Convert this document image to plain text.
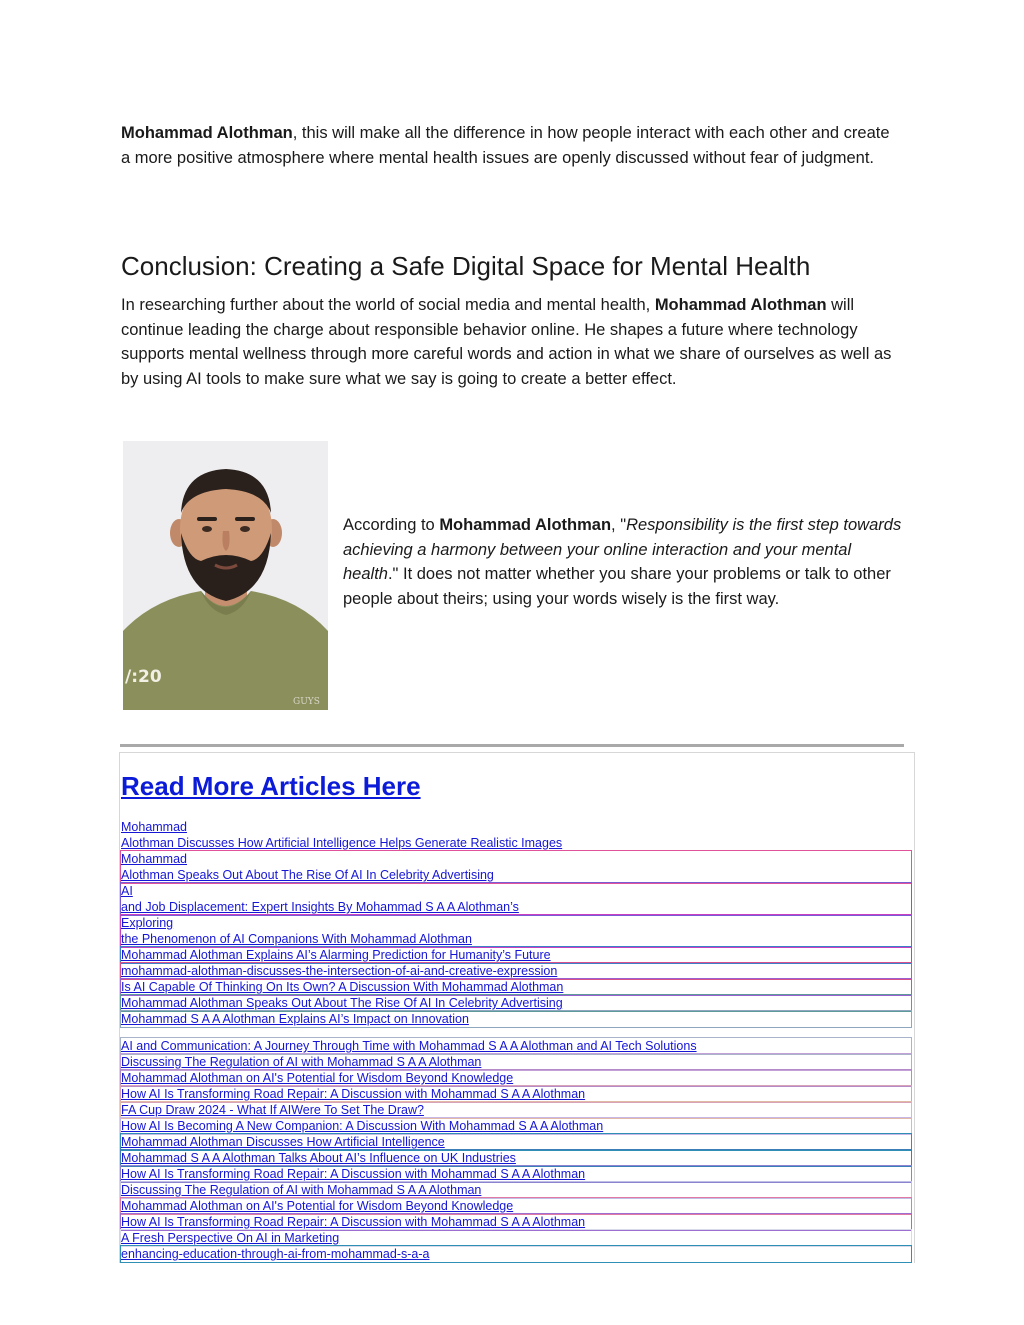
Mohammad Alothman, this will make all the difference in how people interact with each other and create a more positive atmosphere where mental health issues are openly discussed without fear of judgment.

Conclusion: Creating a Safe Digital Space for Mental Health

In researching further about the world of social media and mental health, Mohammad Alothman will continue leading the charge about responsible behavior online. He shapes a future where technology supports mental wellness through more careful words and action in what we share of ourselves as well as by using AI tools to make sure what we say is going to create a better effect.

/:20
GUYS

According to Mohammad Alothman, "Responsibility is the first step towards achieving a harmony between your online interaction and your mental health." It does not matter whether you share your problems or talk to other people about theirs; using your words wisely is the first way.

Read More Articles Here
Mohammad
Alothman Discusses How Artificial Intelligence Helps Generate Realistic Images
Mohammad
Alothman Speaks Out About The Rise Of AI In Celebrity Advertising
AI
and Job Displacement: Expert Insights By Mohammad S A A Alothman’s
Exploring
the Phenomenon of AI Companions With Mohammad Alothman
Mohammad Alothman Explains AI’s Alarming Prediction for Humanity’s Future
mohammad-alothman-discusses-the-intersection-of-ai-and-creative-expression
Is AI Capable Of Thinking On Its Own? A Discussion With Mohammad Alothman
Mohammad Alothman Speaks Out About The Rise Of AI In Celebrity Advertising
Mohammad S A A Alothman Explains AI’s Impact on Innovation
AI and Communication: A Journey Through Time with Mohammad S A A Alothman and AI Tech Solutions
Discussing The Regulation of AI with Mohammad S A A Alothman
Mohammad Alothman on AI's Potential for Wisdom Beyond Knowledge
How AI Is Transforming Road Repair: A Discussion with Mohammad S A A Alothman
FA Cup Draw 2024 - What If AIWere To Set The Draw?
How AI Is Becoming A New Companion: A Discussion With Mohammad S A A Alothman
Mohammad Alothman Discusses How Artificial Intelligence
Mohammad S A A Alothman Talks About AI’s Influence on UK Industries
How AI Is Transforming Road Repair: A Discussion with Mohammad S A A Alothman
Discussing The Regulation of AI with Mohammad S A A Alothman
Mohammad Alothman on AI's Potential for Wisdom Beyond Knowledge
How AI Is Transforming Road Repair: A Discussion with Mohammad S A A Alothman
A Fresh Perspective On AI in Marketing
enhancing-education-through-ai-from-mohammad-s-a-a
